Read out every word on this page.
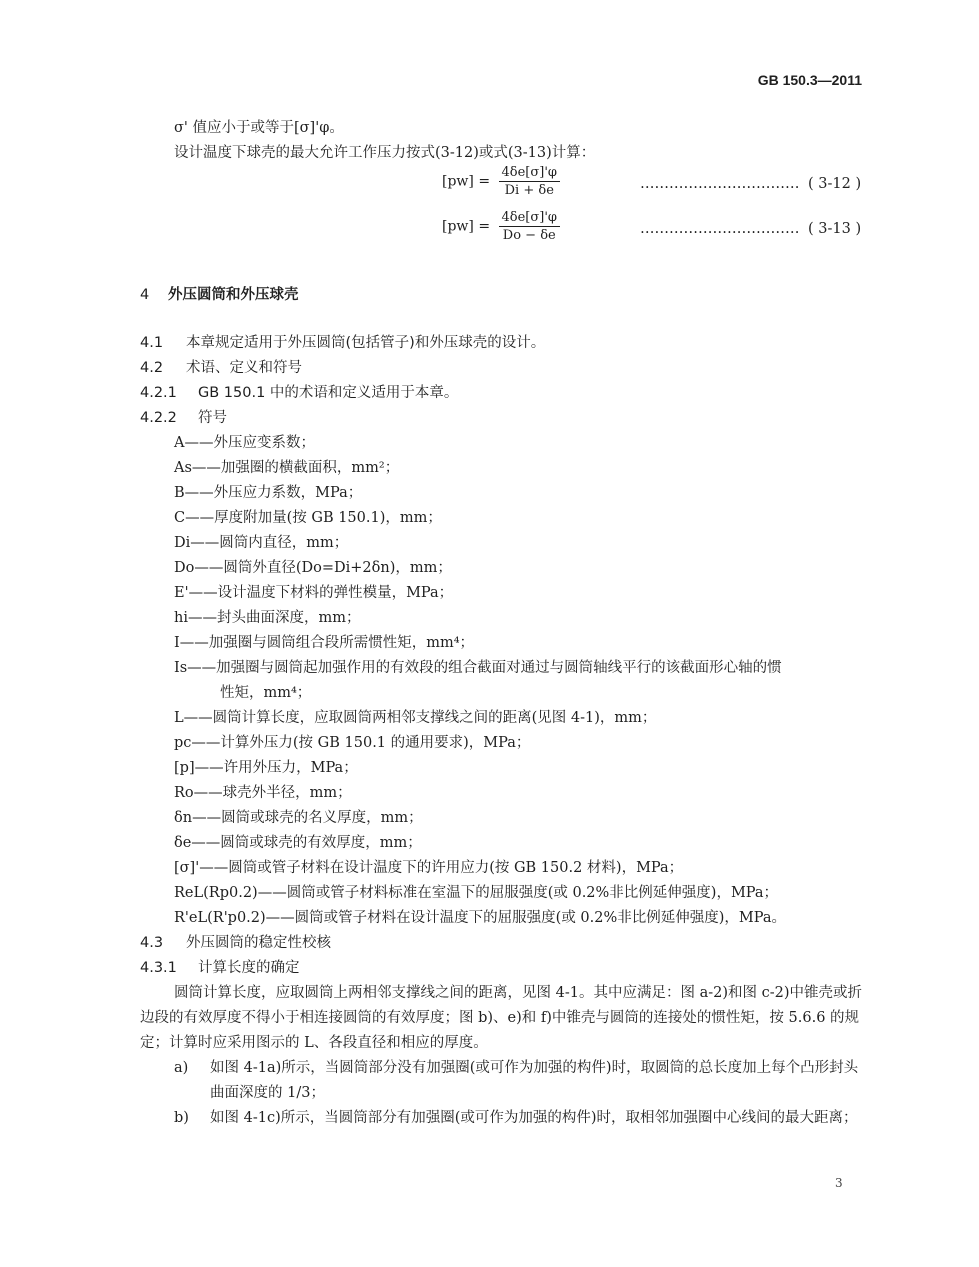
GB 150.3—2011
σ' 值应小于或等于[σ]'φ。
设计温度下球壳的最大允许工作压力按式(3-12)或式(3-13)计算：
$[pw] = \frac{4\delta e[\sigma]'\varphi}{Di + \delta e}$	…………………………… ( 3-12 )
$[pw] = \frac{4\delta e[\sigma]'\varphi}{Do - \delta e}$	…………………………… ( 3-13 )
4 外压圆筒和外压球壳
4.1 本章规定适用于外压圆筒(包括管子)和外压球壳的设计。
4.2 术语、定义和符号
4.2.1 GB 150.1 中的术语和定义适用于本章。
4.2.2 符号
A——外压应变系数；
As——加强圈的横截面积，mm²；
B——外压应力系数，MPa；
C——厚度附加量(按 GB 150.1)，mm；
Di——圆筒内直径，mm；
Do——圆筒外直径(Do=Di+2δn)，mm；
E'——设计温度下材料的弹性模量，MPa；
hi——封头曲面深度，mm；
I——加强圈与圆筒组合段所需惯性矩，mm⁴；
Is——加强圈与圆筒起加强作用的有效段的组合截面对通过与圆筒轴线平行的该截面形心轴的惯
性矩，mm⁴；
L——圆筒计算长度，应取圆筒两相邻支撑线之间的距离(见图 4-1)，mm；
pc——计算外压力(按 GB 150.1 的通用要求)，MPa；
[p]——许用外压力，MPa；
Ro——球壳外半径，mm；
δn——圆筒或球壳的名义厚度，mm；
δe——圆筒或球壳的有效厚度，mm；
[σ]'——圆筒或管子材料在设计温度下的许用应力(按 GB 150.2 材料)，MPa；
ReL(Rp0.2)——圆筒或管子材料标准在室温下的屈服强度(或 0.2%非比例延伸强度)，MPa；
R'eL(R'p0.2)——圆筒或管子材料在设计温度下的屈服强度(或 0.2%非比例延伸强度)，MPa。
4.3 外压圆筒的稳定性校核
4.3.1 计算长度的确定
圆筒计算长度，应取圆筒上两相邻支撑线之间的距离，见图 4-1。其中应满足：图 a-2)和图 c-2)中锥壳或折边段的有效厚度不得小于相连接圆筒的有效厚度；图 b)、e)和 f)中锥壳与圆筒的连接处的惯性矩，按 5.6.6 的规定；计算时应采用图示的 L、各段直径和相应的厚度。
a)	如图 4-1a)所示，当圆筒部分没有加强圈(或可作为加强的构件)时，取圆筒的总长度加上每个凸形封头曲面深度的 1/3；
b)	如图 4-1c)所示，当圆筒部分有加强圈(或可作为加强的构件)时，取相邻加强圈中心线间的最大距离；
3
